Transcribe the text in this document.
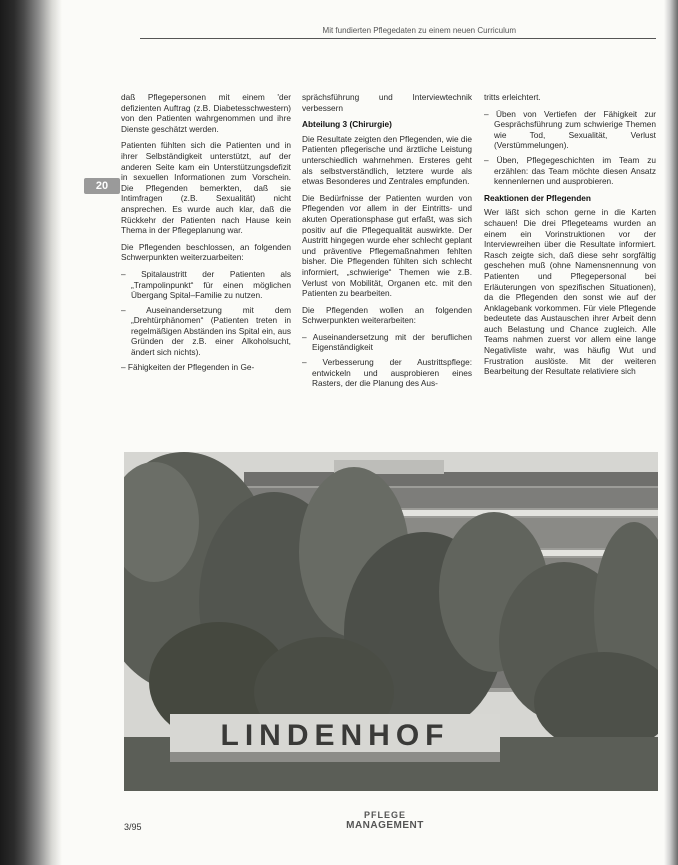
20
Mit fundierten Pflegedaten zu einem neuen Curriculum

daß Pflegepersonen mit einem 'der defizienten Auftrag (z.B. Diabetesschwestern) von den Patienten wahrgenommen und ihre Dienste geschätzt werden.

Patienten fühlten sich die Patienten und in ihrer Selbständigkeit unterstützt, auf der anderen Seite kam ein Unterstützungsdefizit in sexuellen Informationen zum Vorschein. Die Pflegenden bemerkten, daß sie Intimfragen (z.B. Sexualität) nicht ansprechen. Es wurde auch klar, daß die Rückkehr der Patienten nach Hause kein Thema in der Pflegeplanung war.

Die Pflegenden beschlossen, an folgenden Schwerpunkten weiterzuarbeiten:

– Spitalaustritt der Patienten als „Trampolinpunkt“ für einen möglichen Übergang Spital–Familie zu nutzen.
– Auseinandersetzung mit dem „Drehtürphänomen“ (Patienten treten in regelmäßigen Abständen ins Spital ein, aus Gründen der z.B. einer Alkoholsucht, ändert sich nichts).
– Fähigkeiten der Pflegenden in Ge-

sprächsführung und Interviewtechnik verbessern

Abteilung 3 (Chirurgie)

Die Resultate zeigten den Pflegenden, wie die Patienten pflegerische und ärztliche Leistung unterschiedlich wahrnehmen. Ersteres geht als selbstverständlich, letztere wurde als etwas Besonderes und Zentrales empfunden.

Die Bedürfnisse der Patienten wurden von Pflegenden vor allem in der Eintritts- und akuten Operationsphase gut erfaßt, was sich positiv auf die Pflegequalität auswirkte. Der Austritt hingegen wurde eher schlecht geplant und präventive Pflegemaßnahmen fehlten bisher. Die Pflegenden fühlten sich schlecht informiert, „schwierige“ Themen wie z.B. Verlust von Mobilität, Organen etc. mit den Patienten zu bearbeiten.

Die Pflegenden wollen an folgenden Schwerpunkten weiterarbeiten:

– Auseinandersetzung mit der beruflichen Eigenständigkeit
– Verbesserung der Austrittspflege: entwickeln und ausprobieren eines Rasters, der die Planung des Aus-

tritts erleichtert.

– Üben von Vertiefen der Fähigkeit zur Gesprächsführung zum schwierige Themen wie Tod, Sexualität, Verlust (Verstümmelungen).
– Üben, Pflegegeschichten im Team zu erzählen: das Team möchte diesen Ansatz kennenlernen und ausprobieren.
Reaktionen der Pflegenden

Wer läßt sich schon gerne in die Karten schauen! Die drei Pflegeteams wurden an einem ein Vorinstruktionen vor der Interviewreihen über die Resultate informiert. Rasch zeigte sich, daß diese sehr sorgfältig geschehen muß (ohne Namensnennung von Patienten und Pflegepersonal bei Erläuterungen von spezifischen Situationen), da die Pflegenden den sonst wie auf der Anklagebank vorkommen. Für viele Pflegende bedeutete das Austauschen ihrer Arbeit denn auch Belastung und Chance zugleich. Alle Teams nahmen zuerst vor allem eine lange Negativliste wahr, was häufig Wut und Frustration auslöste. Mit der weiteren Bearbeitung der Resultate relativiere sich

LINDENHOF
3/95
PFLEGE
MANAGEMENT
